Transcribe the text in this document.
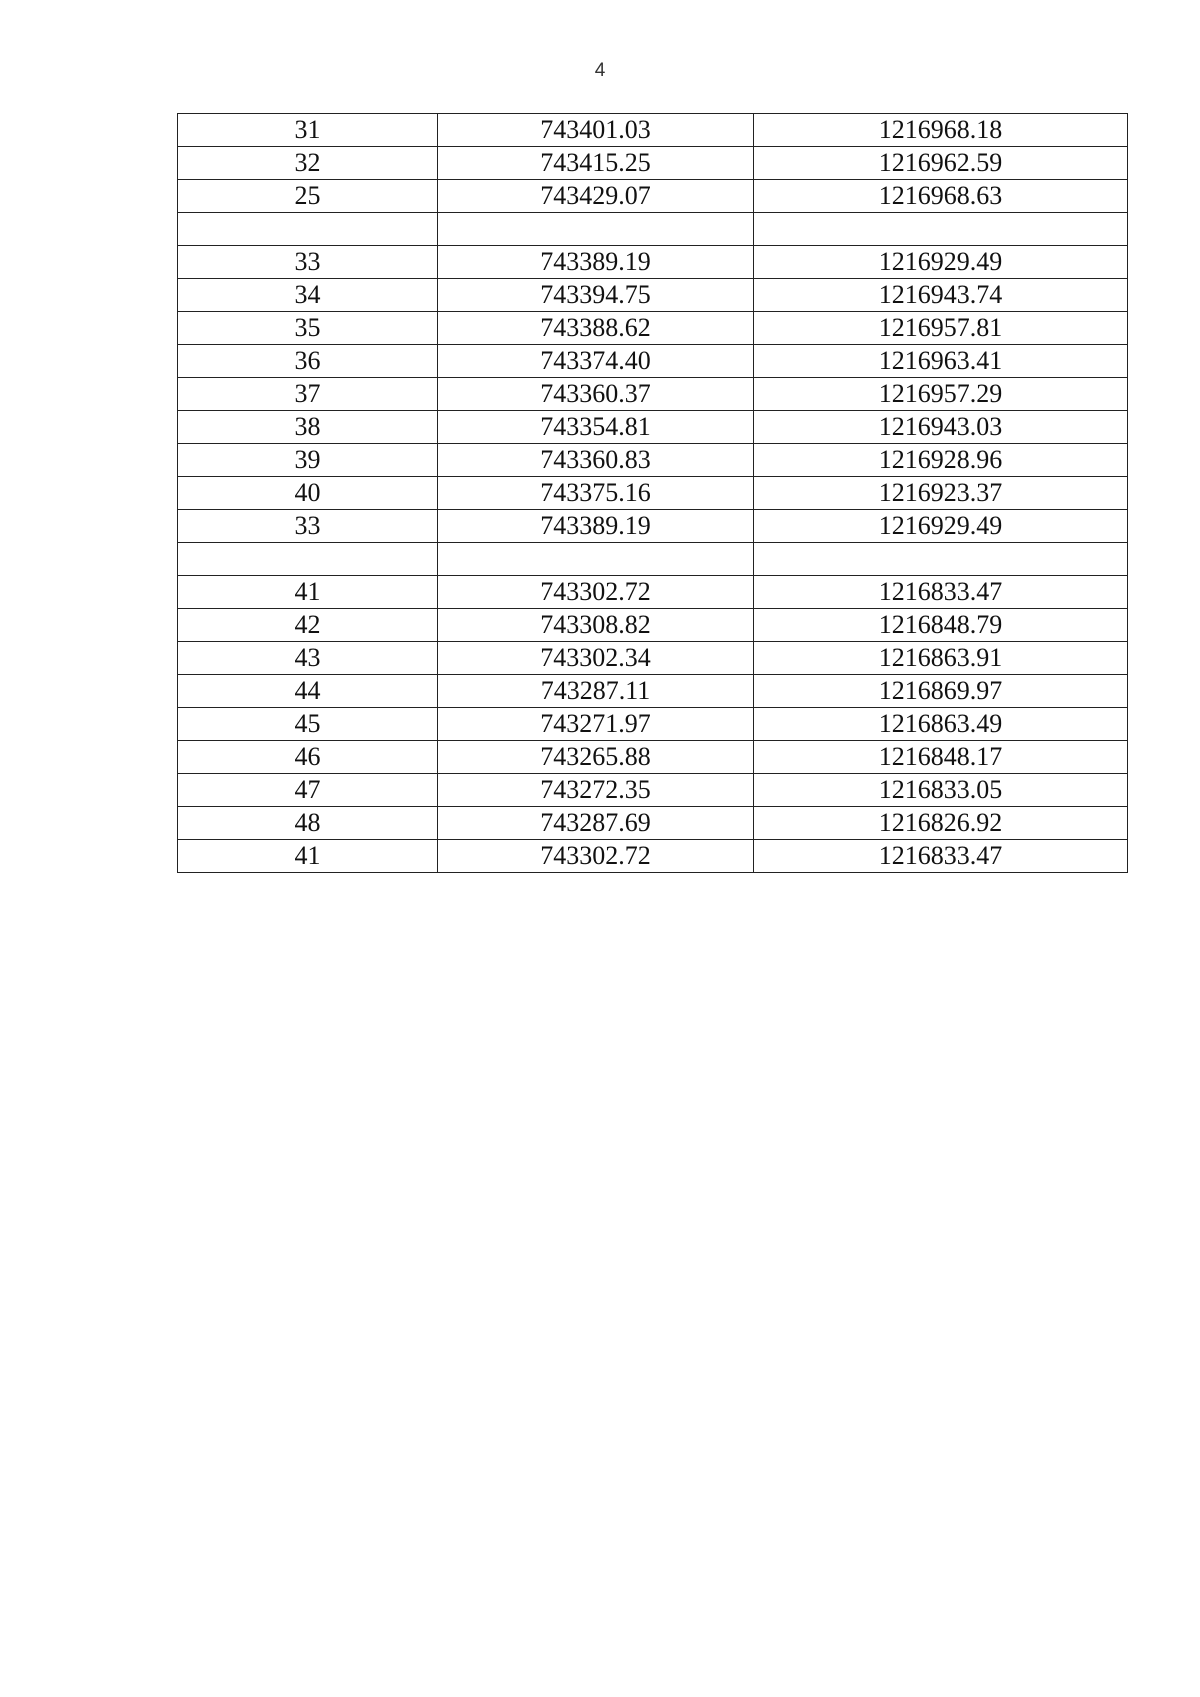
4
31	743401.03	1216968.18
32	743415.25	1216962.59
25	743429.07	1216968.63

33	743389.19	1216929.49
34	743394.75	1216943.74
35	743388.62	1216957.81
36	743374.40	1216963.41
37	743360.37	1216957.29
38	743354.81	1216943.03
39	743360.83	1216928.96
40	743375.16	1216923.37
33	743389.19	1216929.49

41	743302.72	1216833.47
42	743308.82	1216848.79
43	743302.34	1216863.91
44	743287.11	1216869.97
45	743271.97	1216863.49
46	743265.88	1216848.17
47	743272.35	1216833.05
48	743287.69	1216826.92
41	743302.72	1216833.47
